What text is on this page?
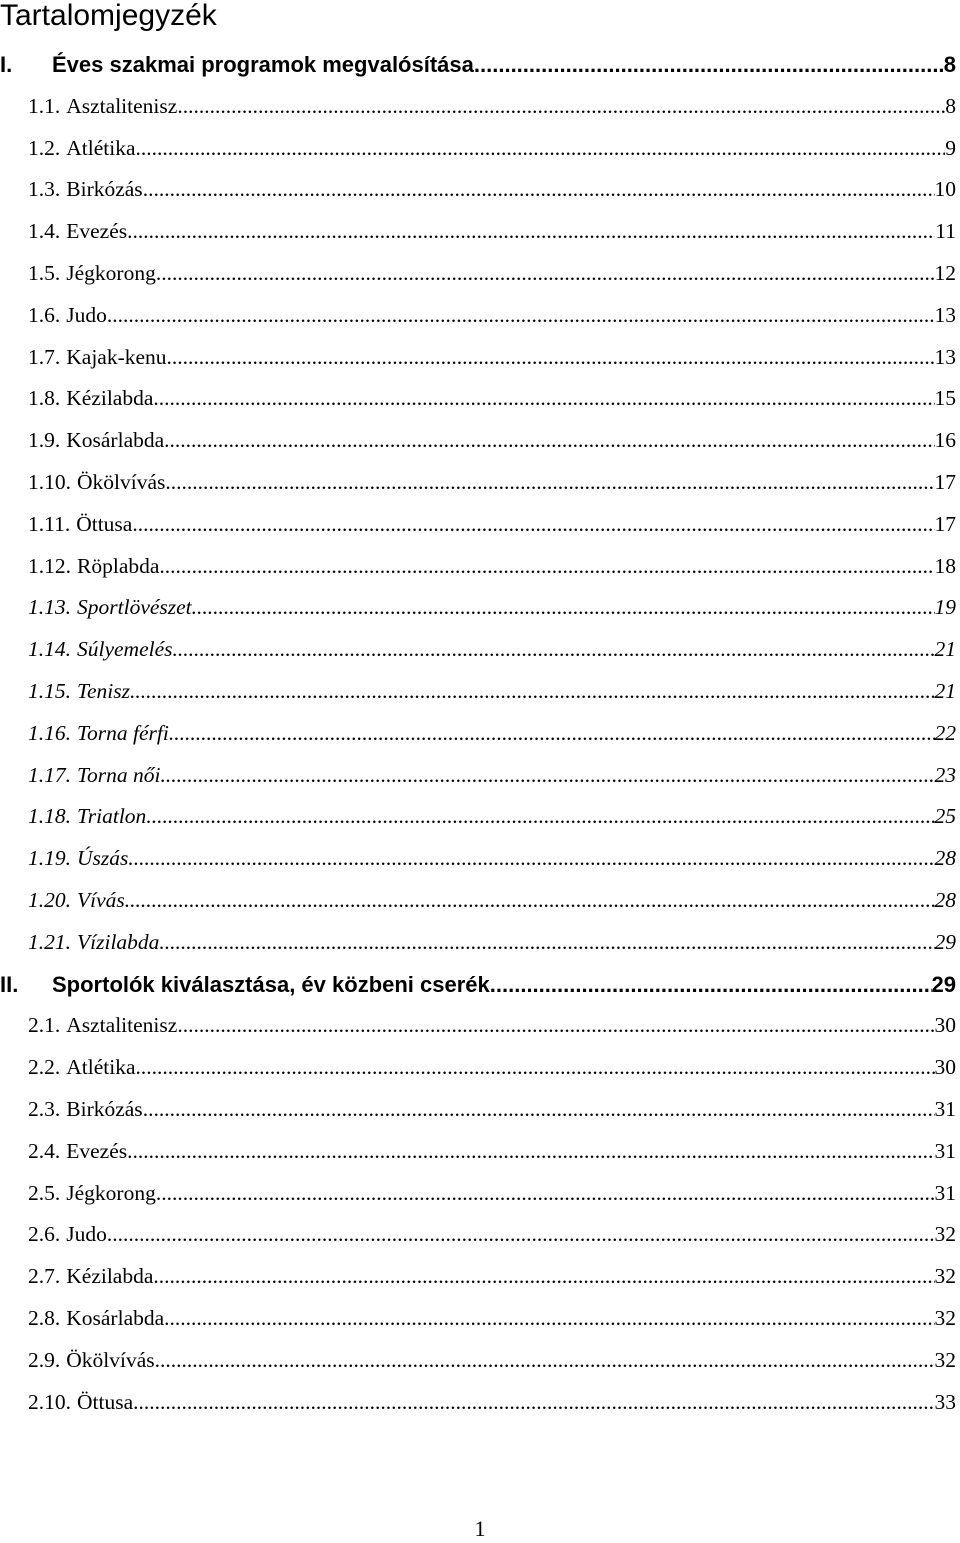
Tartalomjegyzék
I.	Éves szakmai programok megvalósítása .....	8
1.1. Asztalitenisz .....	8
1.2. Atlétika .....	9
1.3. Birkózás .....	10
1.4. Evezés .....	11
1.5. Jégkorong .....	12
1.6. Judo .....	13
1.7. Kajak-kenu .....	13
1.8. Kézilabda .....	15
1.9. Kosárlabda .....	16
1.10. Ökölvívás .....	17
1.11. Öttusa .....	17
1.12. Röplabda .....	18
1.13. Sportlövészet .....	19
1.14. Súlyemelés .....	21
1.15. Tenisz .....	21
1.16. Torna férfi .....	22
1.17. Torna női .....	23
1.18. Triatlon .....	25
1.19. Úszás .....	28
1.20. Vívás .....	28
1.21. Vízilabda .....	29
II.	Sportolók kiválasztása, év közbeni cserék .....	29
2.1. Asztalitenisz .....	30
2.2. Atlétika .....	30
2.3. Birkózás .....	31
2.4. Evezés .....	31
2.5. Jégkorong .....	31
2.6. Judo .....	32
2.7. Kézilabda .....	32
2.8. Kosárlabda .....	32
2.9. Ökölvívás .....	32
2.10. Öttusa .....	33
1
